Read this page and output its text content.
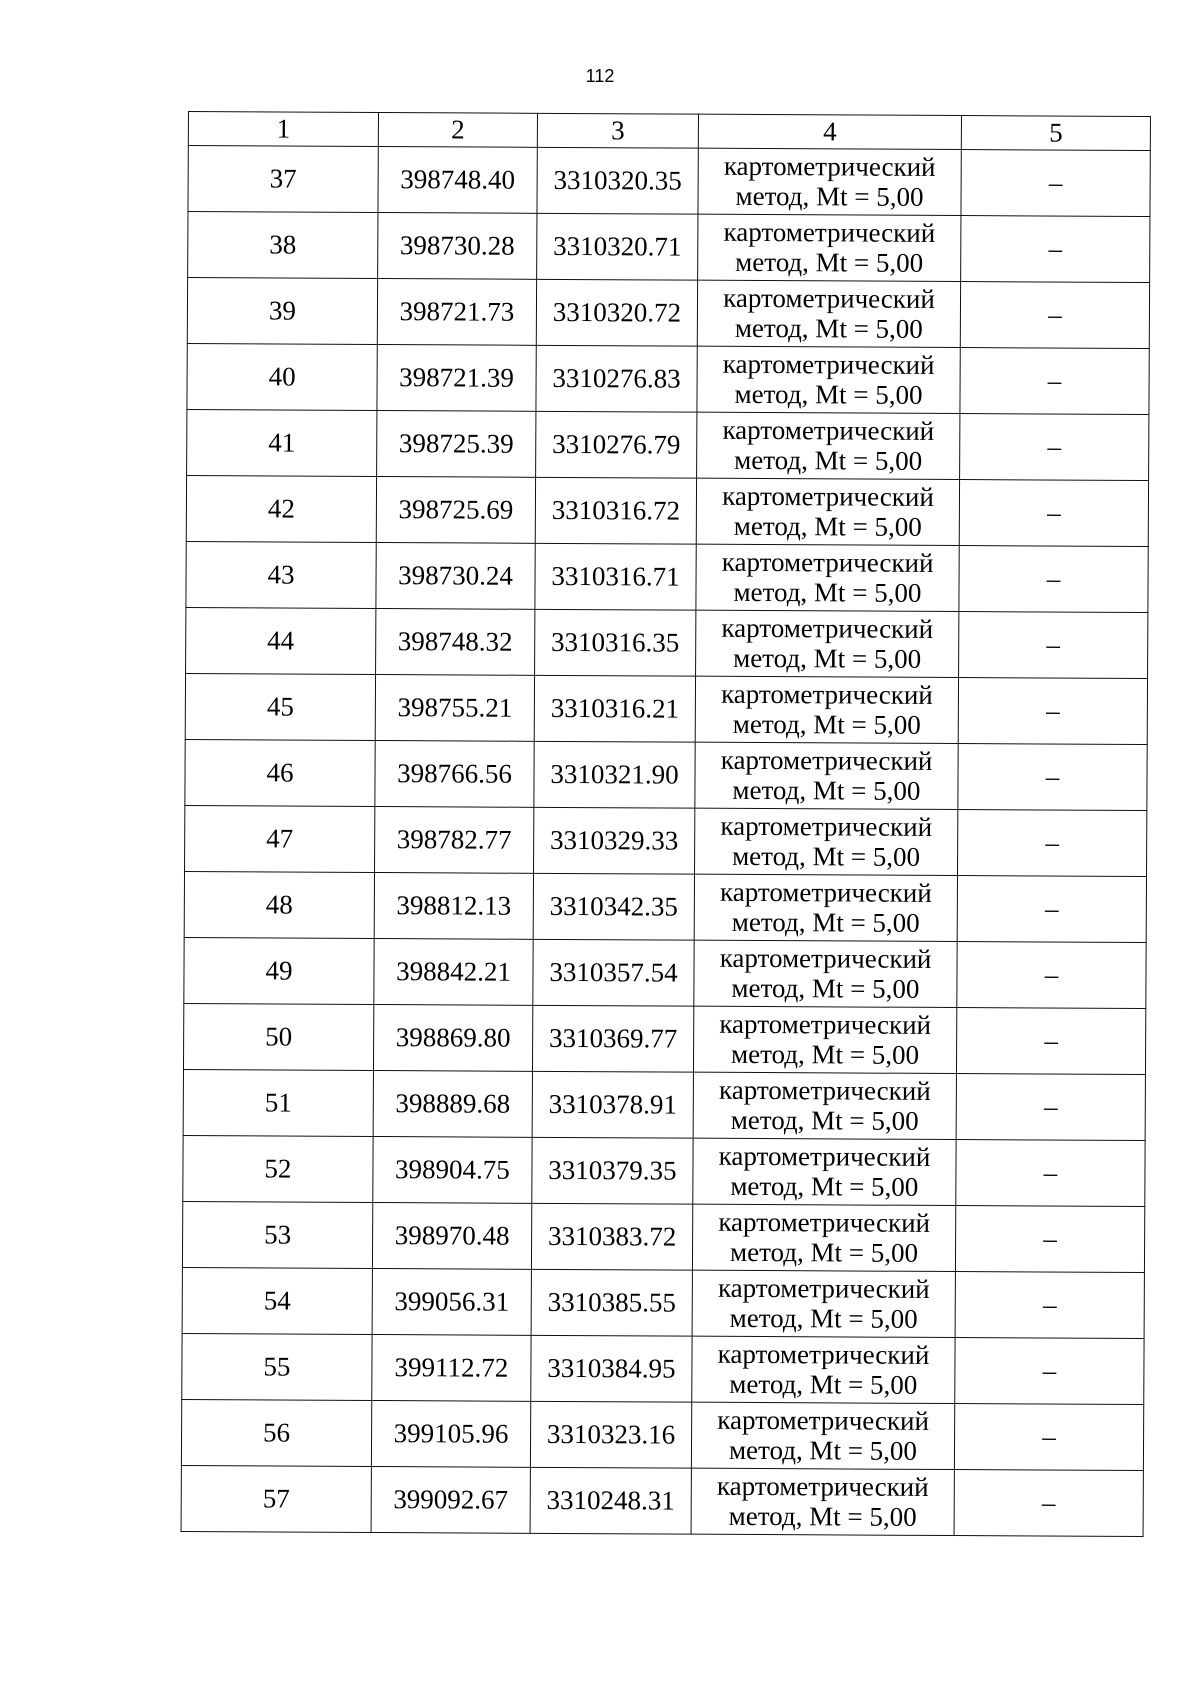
112
1	2	3	4	5
37	398748.40	3310320.35	картометрический
метод, Mt = 5,00	–
38	398730.28	3310320.71	картометрический
метод, Mt = 5,00	–
39	398721.73	3310320.72	картометрический
метод, Mt = 5,00	–
40	398721.39	3310276.83	картометрический
метод, Mt = 5,00	–
41	398725.39	3310276.79	картометрический
метод, Mt = 5,00	–
42	398725.69	3310316.72	картометрический
метод, Mt = 5,00	–
43	398730.24	3310316.71	картометрический
метод, Mt = 5,00	–
44	398748.32	3310316.35	картометрический
метод, Mt = 5,00	–
45	398755.21	3310316.21	картометрический
метод, Mt = 5,00	–
46	398766.56	3310321.90	картометрический
метод, Mt = 5,00	–
47	398782.77	3310329.33	картометрический
метод, Mt = 5,00	–
48	398812.13	3310342.35	картометрический
метод, Mt = 5,00	–
49	398842.21	3310357.54	картометрический
метод, Mt = 5,00	–
50	398869.80	3310369.77	картометрический
метод, Mt = 5,00	–
51	398889.68	3310378.91	картометрический
метод, Mt = 5,00	–
52	398904.75	3310379.35	картометрический
метод, Mt = 5,00	–
53	398970.48	3310383.72	картометрический
метод, Mt = 5,00	–
54	399056.31	3310385.55	картометрический
метод, Mt = 5,00	–
55	399112.72	3310384.95	картометрический
метод, Mt = 5,00	–
56	399105.96	3310323.16	картометрический
метод, Mt = 5,00	–
57	399092.67	3310248.31	картометрический
метод, Mt = 5,00	–
